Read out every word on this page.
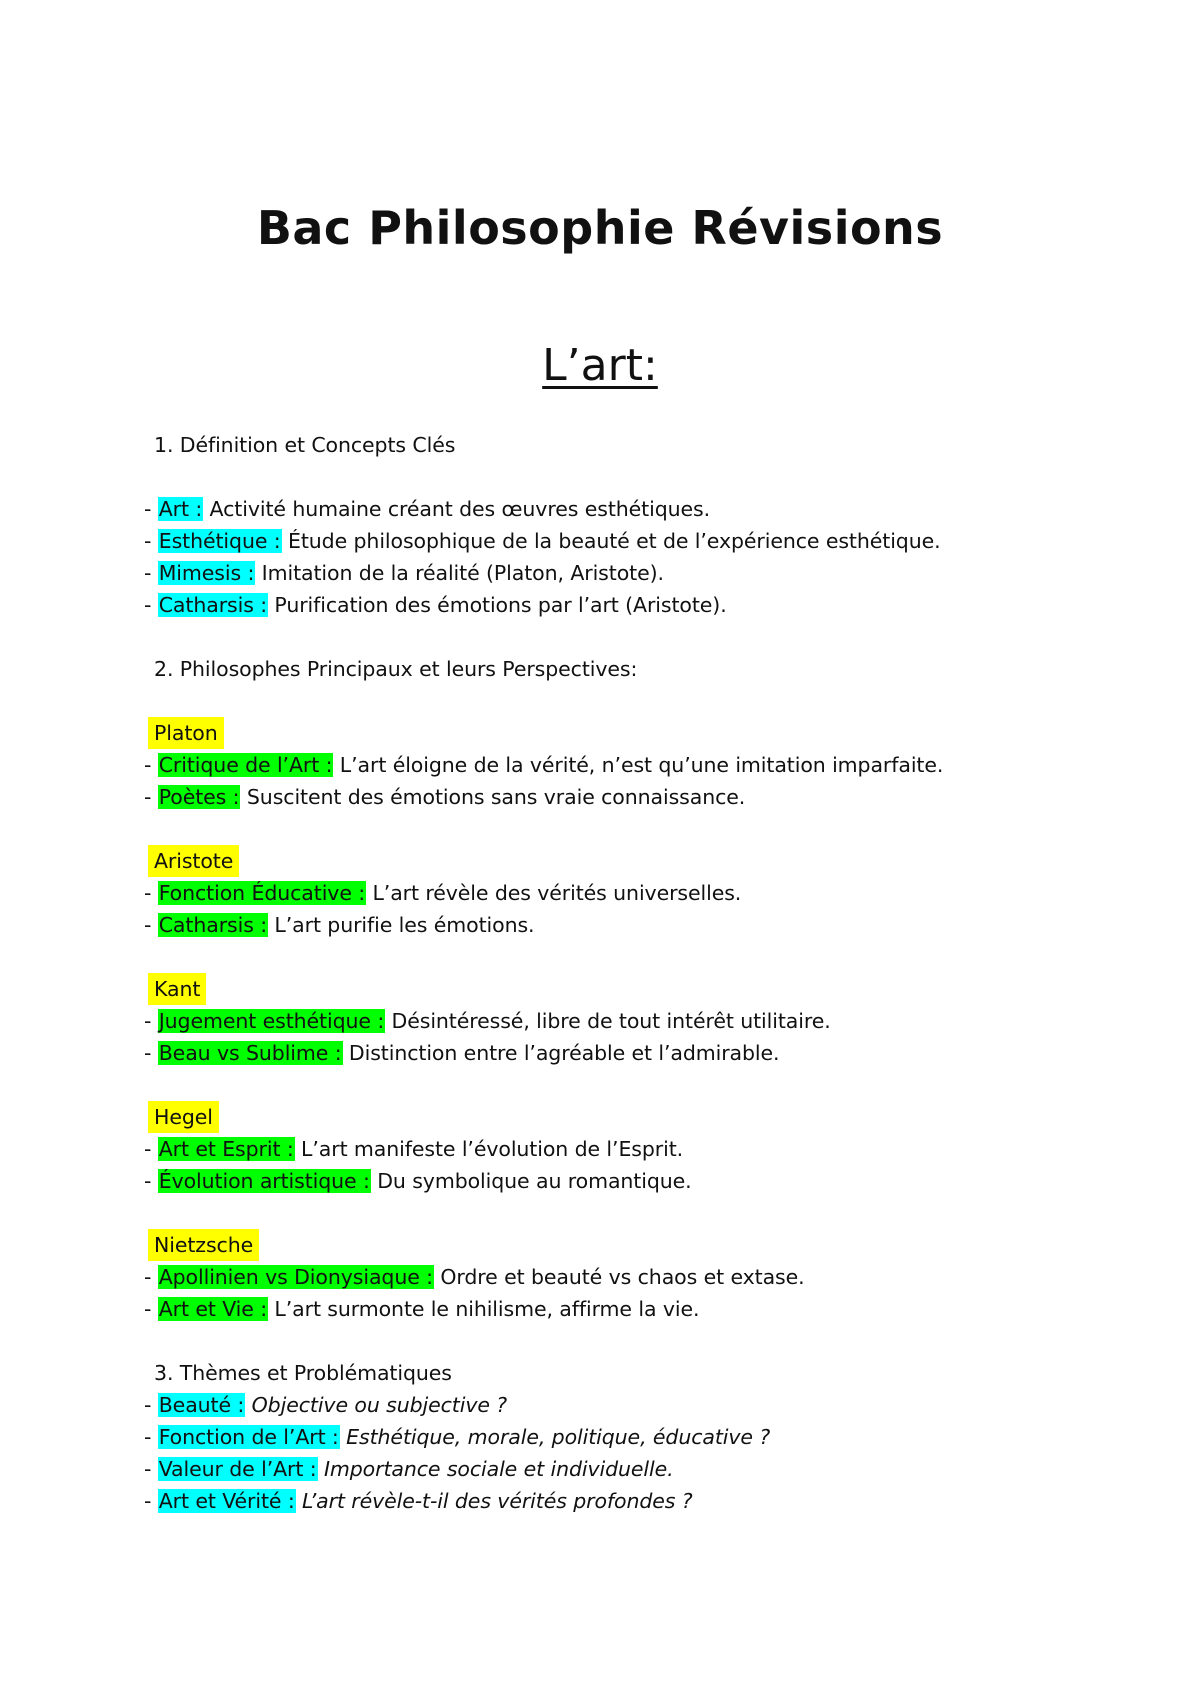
Bac Philosophie Révisions
L’art:
1. Définition et Concepts Clés
- Art : Activité humaine créant des œuvres esthétiques.
- Esthétique : Étude philosophique de la beauté et de l’expérience esthétique.
- Mimesis : Imitation de la réalité (Platon, Aristote).
- Catharsis : Purification des émotions par l’art (Aristote).
2. Philosophes Principaux et leurs Perspectives:
Platon
- Critique de l’Art : L’art éloigne de la vérité, n’est qu’une imitation imparfaite.
- Poètes : Suscitent des émotions sans vraie connaissance.
Aristote
- Fonction Éducative : L’art révèle des vérités universelles.
- Catharsis : L’art purifie les émotions.
Kant
- Jugement esthétique : Désintéressé, libre de tout intérêt utilitaire.
- Beau vs Sublime : Distinction entre l’agréable et l’admirable.
Hegel
- Art et Esprit : L’art manifeste l’évolution de l’Esprit.
- Évolution artistique : Du symbolique au romantique.
Nietzsche
- Apollinien vs Dionysiaque : Ordre et beauté vs chaos et extase.
- Art et Vie : L’art surmonte le nihilisme, affirme la vie.
3. Thèmes et Problématiques
- Beauté : Objective ou subjective ?
- Fonction de l’Art : Esthétique, morale, politique, éducative ?
- Valeur de l’Art : Importance sociale et individuelle.
- Art et Vérité : L’art révèle-t-il des vérités profondes ?
